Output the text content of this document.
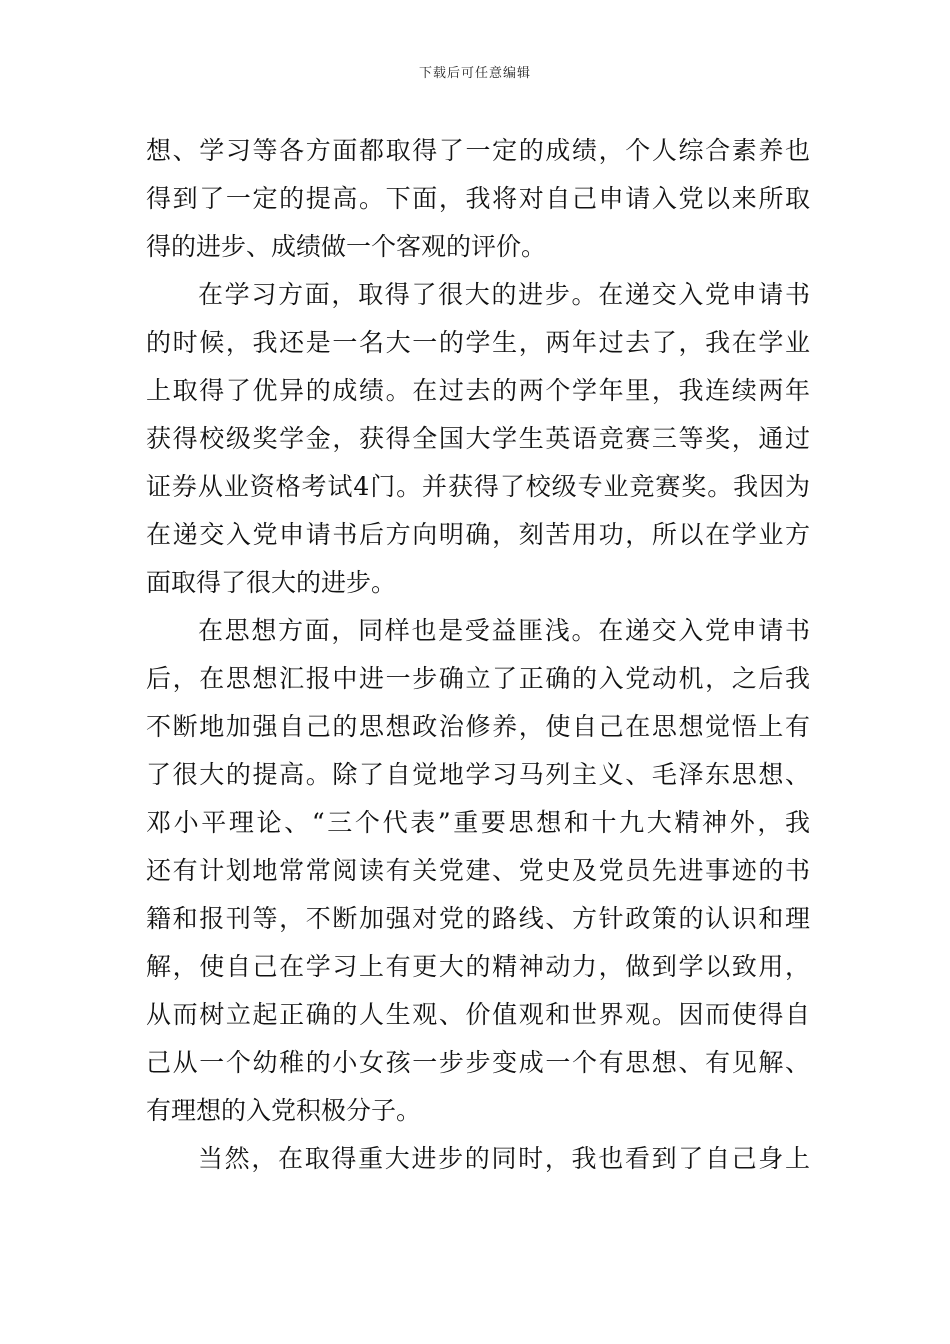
下载后可任意编辑
想、学习等各方面都取得了一定的成绩，个人综合素养也
得到了一定的提高。下面，我将对自己申请入党以来所取
得的进步、成绩做一个客观的评价。
在学习方面，取得了很大的进步。在递交入党申请书
的时候，我还是一名大一的学生，两年过去了，我在学业
上取得了优异的成绩。在过去的两个学年里，我连续两年
获得校级奖学金，获得全国大学生英语竞赛三等奖，通过
证券从业资格考试4门。并获得了校级专业竞赛奖。我因为
在递交入党申请书后方向明确，刻苦用功，所以在学业方
面取得了很大的进步。
在思想方面，同样也是受益匪浅。在递交入党申请书
后，在思想汇报中进一步确立了正确的入党动机，之后我
不断地加强自己的思想政治修养，使自己在思想觉悟上有
了很大的提高。除了自觉地学习马列主义、毛泽东思想、
邓小平理论、“三个代表”重要思想和十九大精神外，我
还有计划地常常阅读有关党建、党史及党员先进事迹的书
籍和报刊等，不断加强对党的路线、方针政策的认识和理
解，使自己在学习上有更大的精神动力，做到学以致用，
从而树立起正确的人生观、价值观和世界观。因而使得自
己从一个幼稚的小女孩一步步变成一个有思想、有见解、
有理想的入党积极分子。
当然，在取得重大进步的同时，我也看到了自己身上
